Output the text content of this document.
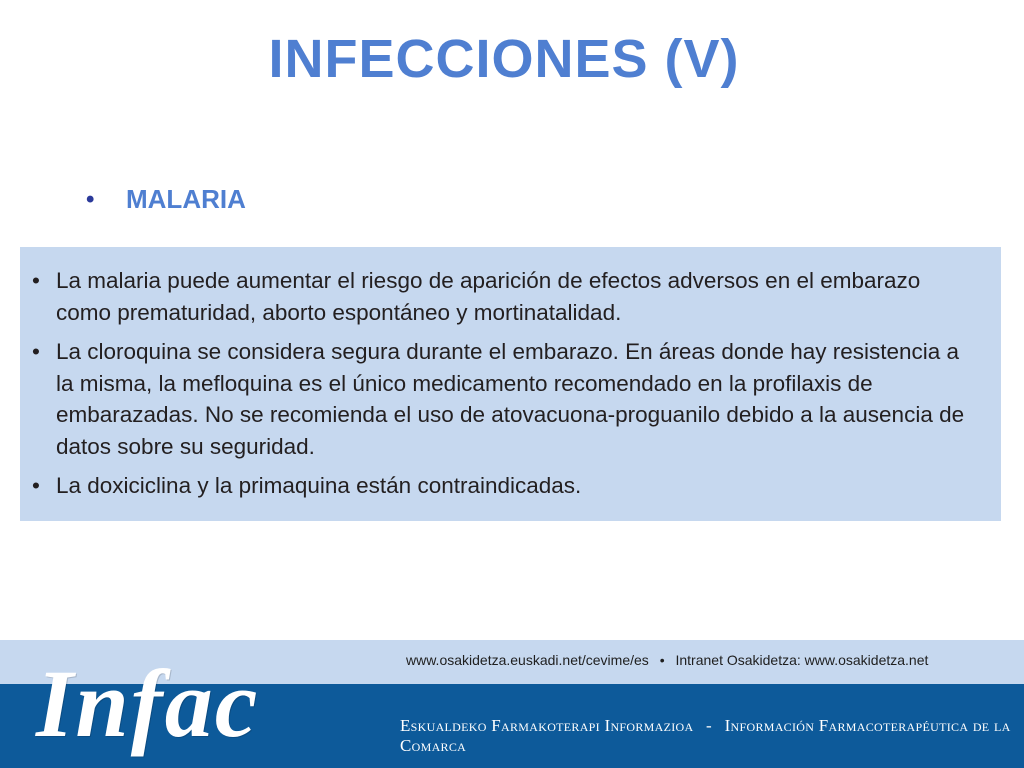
INFECCIONES (V)
•	MALARIA
• La malaria puede aumentar el riesgo de aparición de efectos adversos en el embarazo como prematuridad, aborto espontáneo y mortinatalidad.
• La cloroquina se considera segura durante el embarazo. En áreas donde hay resistencia a la misma, la mefloquina es el único medicamento recomendado en la profilaxis de embarazadas. No se recomienda el uso de atovacuona-proguanilo debido a la ausencia de datos sobre su seguridad.
• La doxiciclina y la primaquina están contraindicadas.
Infac	www.osakidetza.euskadi.net/cevime/es • Intranet Osakidetza: www.osakidetza.net
Eskualdeko Farmakoterapi Informazioa - Información Farmacoterapéutica de la Comarca
